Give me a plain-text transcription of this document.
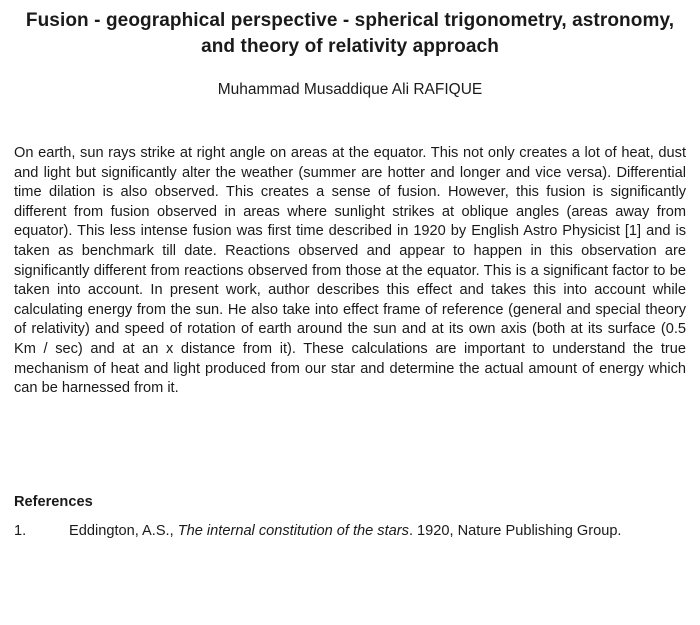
Fusion - geographical perspective - spherical trigonometry, astronomy, and theory of relativity approach

Muhammad Musaddique Ali RAFIQUE

On earth, sun rays strike at right angle on areas at the equator. This not only creates a lot of heat, dust and light but significantly alter the weather (summer are hotter and longer and vice versa). Differential time dilation is also observed. This creates a sense of fusion. However, this fusion is significantly different from fusion observed in areas where sunlight strikes at oblique angles (areas away from equator). This less intense fusion was first time described in 1920 by English Astro Physicist [1] and is taken as benchmark till date. Reactions observed and appear to happen in this observation are significantly different from reactions observed from those at the equator. This is a significant factor to be taken into account. In present work, author describes this effect and takes this into account while calculating energy from the sun. He also take into effect frame of reference (general and special theory of relativity) and speed of rotation of earth around the sun and at its own axis (both at its surface (0.5 Km / sec) and at an x distance from it). These calculations are important to understand the true mechanism of heat and light produced from our star and determine the actual amount of energy which can be harnessed from it.

References
1.	Eddington, A.S., The internal constitution of the stars. 1920, Nature Publishing Group.
